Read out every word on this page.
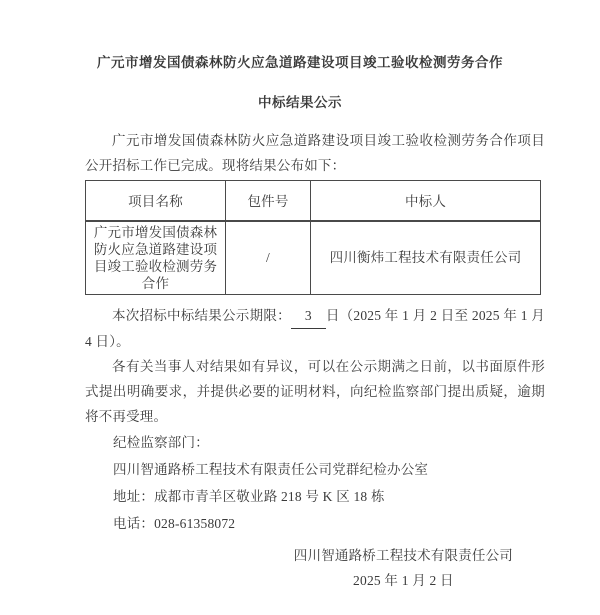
广元市增发国债森林防火应急道路建设项目竣工验收检测劳务合作
中标结果公示

广元市增发国债森林防火应急道路建设项目竣工验收检测劳务合作项目公开招标工作已完成。现将结果公布如下：

项目名称	包件号	中标人
广元市增发国债森林防火应急道路建设项目竣工验收检测劳务合作	/	四川衡炜工程技术有限责任公司

本次招标中标结果公示期限： 3 日（2025 年 1 月 2 日至 2025 年 1 月 4 日）。

各有关当事人对结果如有异议，可以在公示期满之日前，以书面原件形式提出明确要求，并提供必要的证明材料，向纪检监察部门提出质疑，逾期将不再受理。

纪检监察部门：
四川智通路桥工程技术有限责任公司党群纪检办公室
地址：成都市青羊区敬业路 218 号 K 区 18 栋
电话：028-61358072
四川智通路桥工程技术有限责任公司
2025 年 1 月 2 日
